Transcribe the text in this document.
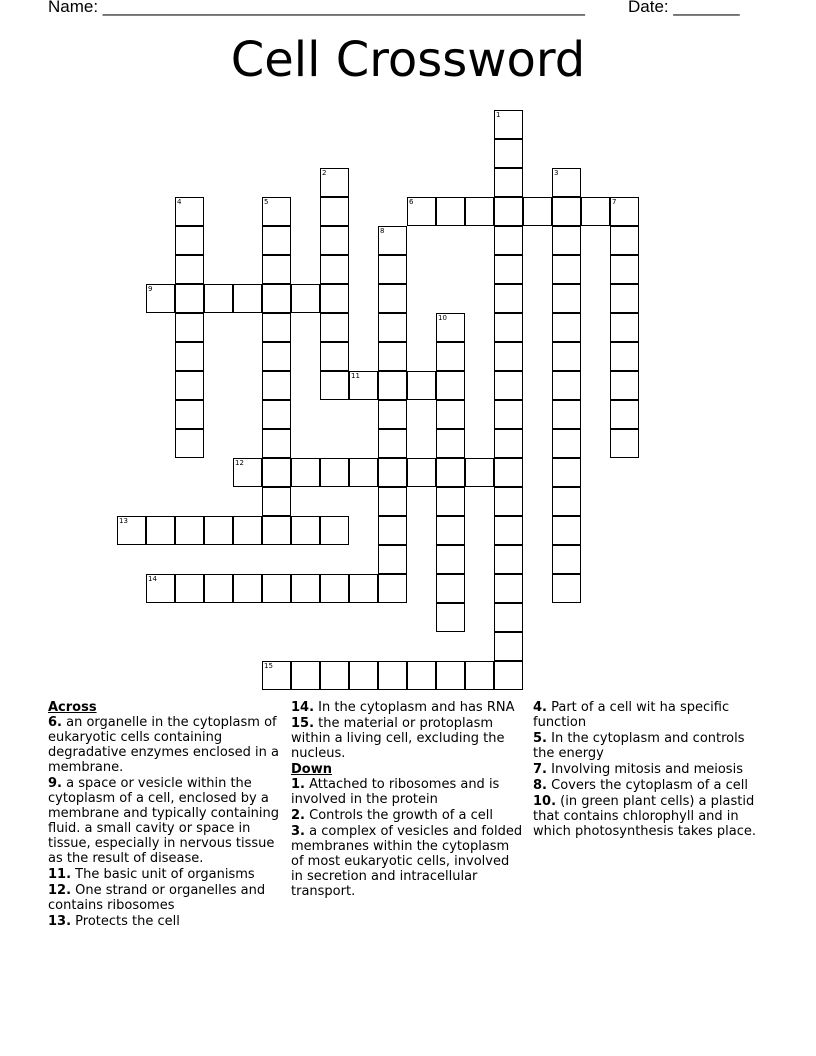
Name: ___________________________________________________	Date: _______
Cell Crossword
1
2	3
4	5	6	7
8
9
10
11
12
13
14
15
Across
6. an organelle in the cytoplasm of eukaryotic cells containing degradative enzymes enclosed in a membrane.
9. a space or vesicle within the cytoplasm of a cell, enclosed by a membrane and typically containing fluid. a small cavity or space in tissue, especially in nervous tissue as the result of disease.
11. The basic unit of organisms
12. One strand or organelles and contains ribosomes
13. Protects the cell
14. In the cytoplasm and has RNA
15. the material or protoplasm within a living cell, excluding the nucleus.
Down
1. Attached to ribosomes and is involved in the protein
2. Controls the growth of a cell
3. a complex of vesicles and folded membranes within the cytoplasm of most eukaryotic cells, involved in secretion and intracellular transport.
4. Part of a cell wit ha specific function
5. In the cytoplasm and controls the energy
7. Involving mitosis and meiosis
8. Covers the cytoplasm of a cell
10. (in green plant cells) a plastid that contains chlorophyll and in which photosynthesis takes place.
